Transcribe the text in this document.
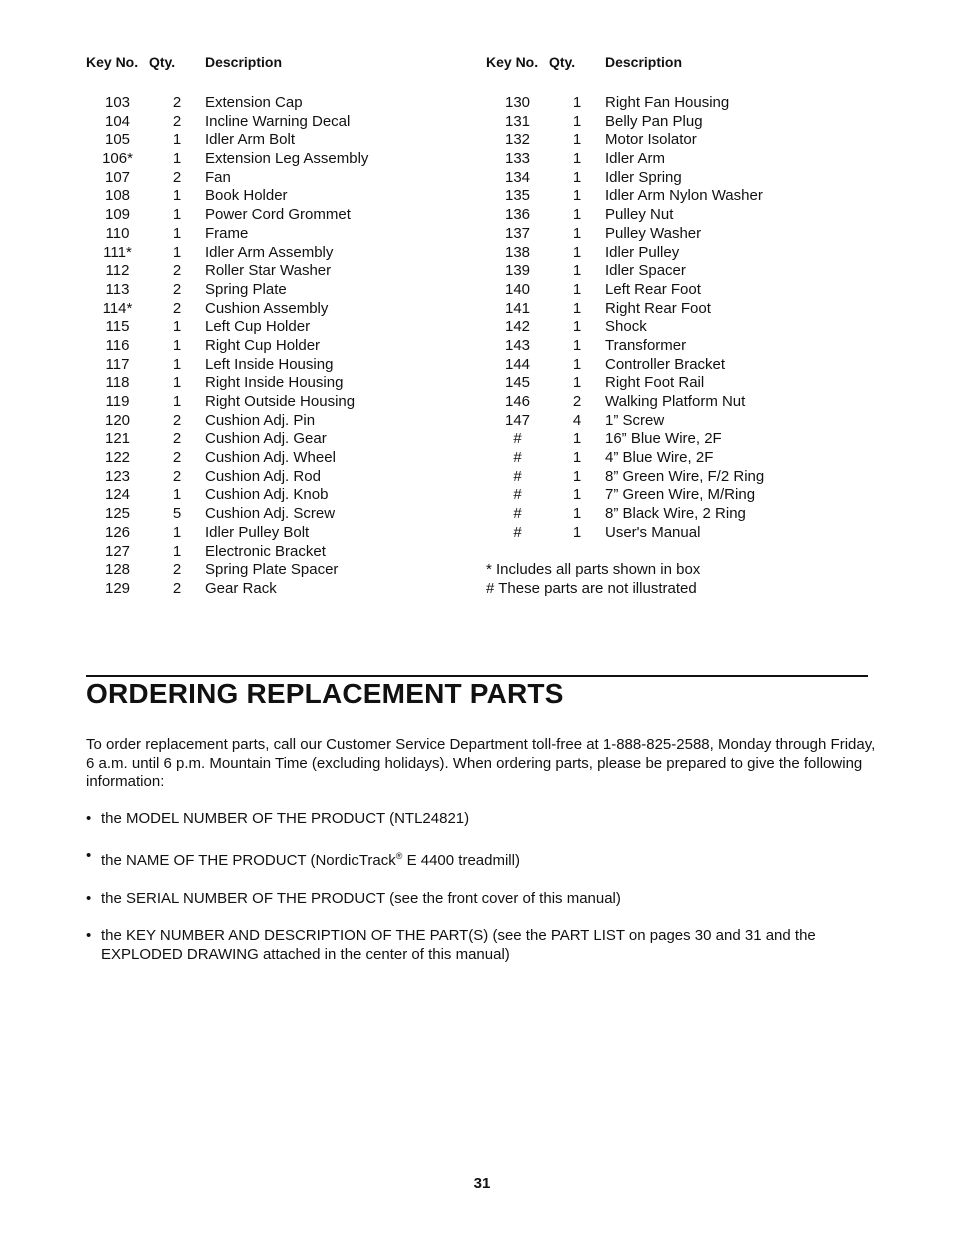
Key No. Qty.	Description
103	2	Extension Cap
104	2	Incline Warning Decal
105	1	Idler Arm Bolt
106*	1	Extension Leg Assembly
107	2	Fan
108	1	Book Holder
109	1	Power Cord Grommet
110	1	Frame
111*	1	Idler Arm Assembly
112	2	Roller Star Washer
113	2	Spring Plate
114*	2	Cushion Assembly
115	1	Left Cup Holder
116	1	Right Cup Holder
117	1	Left Inside Housing
118	1	Right Inside Housing
119	1	Right Outside Housing
120	2	Cushion Adj. Pin
121	2	Cushion Adj. Gear
122	2	Cushion Adj. Wheel
123	2	Cushion Adj. Rod
124	1	Cushion Adj. Knob
125	5	Cushion Adj. Screw
126	1	Idler Pulley Bolt
127	1	Electronic Bracket
128	2	Spring Plate Spacer
129	2	Gear Rack
Key No. Qty.	Description
130	1	Right Fan Housing
131	1	Belly Pan Plug
132	1	Motor Isolator
133	1	Idler Arm
134	1	Idler Spring
135	1	Idler Arm Nylon Washer
136	1	Pulley Nut
137	1	Pulley Washer
138	1	Idler Pulley
139	1	Idler Spacer
140	1	Left Rear Foot
141	1	Right Rear Foot
142	1	Shock
143	1	Transformer
144	1	Controller Bracket
145	1	Right Foot Rail
146	2	Walking Platform Nut
147	4	1” Screw
#	1	16” Blue Wire, 2F
#	1	4” Blue Wire, 2F
#	1	8” Green Wire, F/2 Ring
#	1	7” Green Wire, M/Ring
#	1	8” Black Wire, 2 Ring
#	1	User's Manual
* Includes all parts shown in box
# These parts are not illustrated
ORDERING REPLACEMENT PARTS

To order replacement parts, call our Customer Service Department toll-free at 1-888-825-2588, Monday through Friday, 6 a.m. until 6 p.m. Mountain Time (excluding holidays). When ordering parts, please be prepared to give the following information:

• the MODEL NUMBER OF THE PRODUCT (NTL24821)
• the NAME OF THE PRODUCT (NordicTrack® E 4400 treadmill)
• the SERIAL NUMBER OF THE PRODUCT (see the front cover of this manual)
• the KEY NUMBER AND DESCRIPTION OF THE PART(S) (see the PART LIST on pages 30 and 31 and the EXPLODED DRAWING attached in the center of this manual)
31
